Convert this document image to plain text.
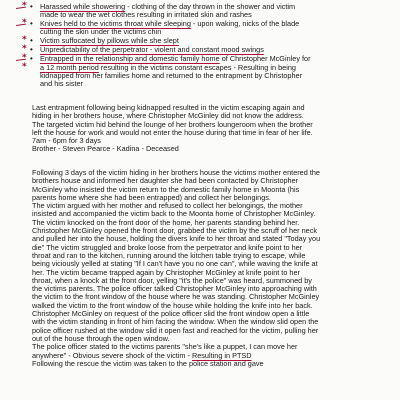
*
*
*
• Harassed while showering - clothing of the day thrown in the shower and victim
made to wear the wet clothes resulting in irritated skin and rashes
• Knives held to the victims throat while sleeping - upon waking, nicks of the blade
cutting the skin under the victims chin
• Victim suffocated by pillows while she slept
• Unpredictability of the perpetrator - violent and constant mood swings
• Entrapped in the relationship and domestic family home of Christopher McGinley for
a 12 month period resulting in the victims constant escapes - Resulting in being
kidnapped from her families home and returned to the entrapment by Christopher
and his sister
Last entrapment following being kidnapped resulted in the victim escaping again and
hiding in her brothers house, where Christopher McGinley did not know the address.
The targeted victim hid behind the lounge of her brothers loungeroom when the brother
left the house for work and would not enter the house during that time in fear of her life.
7am - 6pm for 3 days
Brother - Steven Pearce - Kadina - Deceased
Following 3 days of the victim hiding in her brothers house the victims mother entered the
brothers house and informed her daughter she had been contacted by Christopher
McGinley who insisted the victim return to the domestic family home in Moonta (his
parents home where she had been entrapped) and collect her belongings.
The victim argued with her mother and refused to collect her belongings, the mother
insisted and accompanied the victim back to the Moonta home of Christopher McGinley.
The victim knocked on the front door of the home, her parents standing behind her.
Christopher McGinley opened the front door, grabbed the victim by the scruff of her neck
and pulled her into the house, holding the divers knife to her throat and stated "Today you
die" The victim struggled and broke loose from the perpetrator and knife point to her
throat and ran to the kitchen, running around the kitchen table trying to escape, while
being viciously yelled at stating "If I can't have you no one can", while waving the knife at
her. The victim became trapped again by Christopher McGinley at knife point to her
throat, when a knock at the front door, yelling "it's the police" was heard, summoned by
the victims parents. The police officer talked Christopher McGinley into approaching with
the victim to the front window of the house where he was standing. Christopher McGinley
walked the victim to the front window of the house while holding the knife into her back.
Christopher McGinley on request of the police officer slid the front window open a little
with the victim standing in front of him facing the window. When the window slid open the
police officer rushed at the window slid it open fast and reached for the victim, pulling her
out of the house through the open window.
The police officer stated to the victims parents "she's like a puppet, I can move her
anywhere" - Obvious severe shock of the victim - Resulting in PTSD
Following the rescue the victim was taken to the police station and gave
